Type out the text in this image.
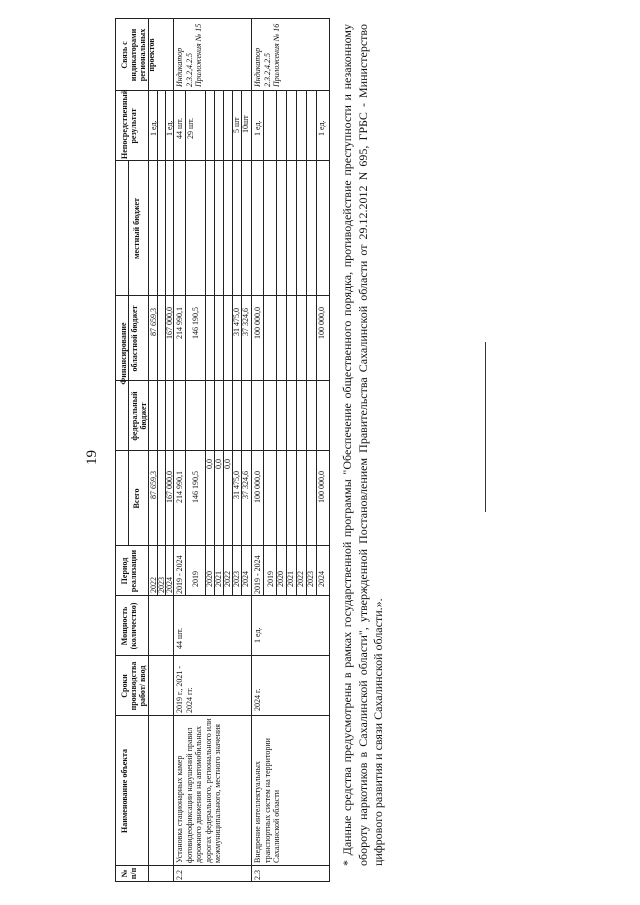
19
№ п/п
Наименование объекта
Сроки производства работ/ ввод
Мощность (количество)
Период реализации
Финансирование
Всего
федеральный бюджет
областной бюджет
местный бюджет
Непосредственный результат
Связь с индикаторами региональных проектов
2022
87 659,3
87 659,3
1 ед.
2023 2024
167 000,0
167 000,0
1 ед.
2.2
Установка стационарных камер фотовидеофиксации нарушений правил дорожного движения на автомобильных дорогах федерального, регионального или межмуниципального, местного значения
2019 г., 2021 - 2024 гг.
44 шт.
Индикатор 2.3.2,4.2.5 Приложения № 15
2019 - 2024
214 990,1
214 990,1
44 шт.
2019
146 190,5
146 190,5
29 шт.
2020
0,0
2021
0,0
2022
0,0
2023
31 475,0
31 475,0
5 шт
2024
37 324,6
37 324,6
10шт
2.3
Внедрение интеллектуальных транспортных систем на территории Сахалинской области
2024 г.
1 ед.
Индикатор 2.3.2,4.2.5 Приложения № 16
2019 - 2024
100 000,0
100 000,0
1 ед.
2019 2020 2021 2022 2023 2024
100 000,0
100 000,0
1 ед. * Данные средства предусмотрены в рамках государственной программы "Обеспечение общественного порядка, противодействие преступности и незаконному обороту наркотиков в Сахалинской области", утвержденной Постановлением Правительства Сахалинской области от 29.12.2012 N 695, ГРБС - Министерство цифрового развития и связи Сахалинской области.».
